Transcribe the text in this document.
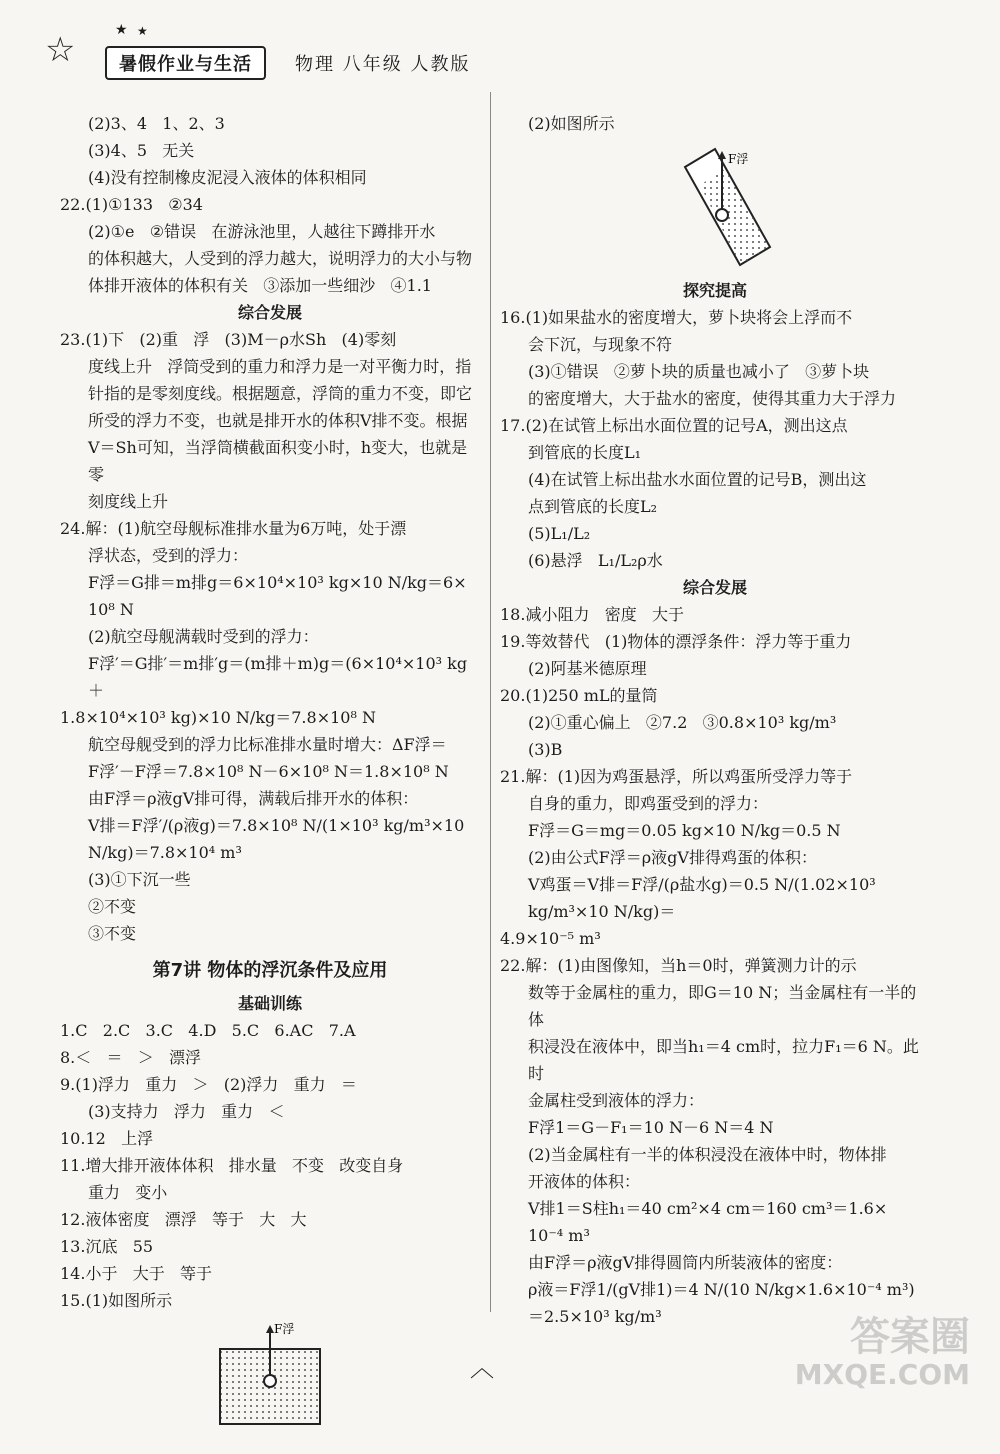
☆	★ ★
暑假作业与生活	物理 八年级 人教版
(2)3、4   1、2、3
(3)4、5   无关
(4)没有控制橡皮泥浸入液体的体积相同
22.(1)①133   ②34
(2)①e   ②错误   在游泳池里，人越往下蹲排开水
的体积越大，人受到的浮力越大，说明浮力的大小与物
体排开液体的体积有关   ③添加一些细沙   ④1.1
综合发展
23.(1)下   (2)重   浮   (3)M－ρ水Sh   (4)零刻
度线上升   浮筒受到的重力和浮力是一对平衡力时，指
针指的是零刻度线。根据题意，浮筒的重力不变，即它
所受的浮力不变，也就是排开水的体积V排不变。根据
V＝Sh可知，当浮筒横截面积变小时，h变大，也就是零
刻度线上升
24.解：(1)航空母舰标准排水量为6万吨，处于漂
浮状态，受到的浮力：
F浮＝G排＝m排g＝6×10⁴×10³ kg×10 N/kg＝6×
10⁸ N
(2)航空母舰满载时受到的浮力：
F浮′＝G排′＝m排′g＝(m排＋m)g＝(6×10⁴×10³ kg＋
1.8×10⁴×10³ kg)×10 N/kg＝7.8×10⁸ N
航空母舰受到的浮力比标准排水量时增大：ΔF浮＝
F浮′－F浮＝7.8×10⁸ N－6×10⁸ N＝1.8×10⁸ N
由F浮＝ρ液gV排可得，满载后排开水的体积：
V排＝F浮′/(ρ液g)＝7.8×10⁸ N/(1×10³ kg/m³×10 N/kg)＝7.8×10⁴ m³
(3)①下沉一些
②不变
③不变
第7讲 物体的浮沉条件及应用
基础训练
1.C   2.C   3.C   4.D   5.C   6.AC   7.A
8.＜   ＝   ＞   漂浮
9.(1)浮力   重力   ＞   (2)浮力   重力   ＝
(3)支持力   浮力   重力   ＜
10.12   上浮
11.增大排开液体体积   排水量   不变   改变自身
重力   变小
12.液体密度   漂浮   等于   大   大
13.沉底   55
14.小于   大于   等于
15.(1)如图所示
F浮
(2)如图所示
F浮
探究提高
16.(1)如果盐水的密度增大，萝卜块将会上浮而不
会下沉，与现象不符
(3)①错误   ②萝卜块的质量也减小了   ③萝卜块
的密度增大，大于盐水的密度，使得其重力大于浮力
17.(2)在试管上标出水面位置的记号A，测出这点
到管底的长度L₁
(4)在试管上标出盐水水面位置的记号B，测出这
点到管底的长度L₂
(5)L₁/L₂
(6)悬浮   L₁/L₂ρ水
综合发展
18.减小阻力   密度   大于
19.等效替代   (1)物体的漂浮条件：浮力等于重力
(2)阿基米德原理
20.(1)250 mL的量筒
(2)①重心偏上   ②7.2   ③0.8×10³ kg/m³
(3)B
21.解：(1)因为鸡蛋悬浮，所以鸡蛋所受浮力等于
自身的重力，即鸡蛋受到的浮力：
F浮＝G＝mg＝0.05 kg×10 N/kg＝0.5 N
(2)由公式F浮＝ρ液gV排得鸡蛋的体积：
V鸡蛋＝V排＝F浮/(ρ盐水g)＝0.5 N/(1.02×10³ kg/m³×10 N/kg)＝
4.9×10⁻⁵ m³
22.解：(1)由图像知，当h＝0时，弹簧测力计的示
数等于金属柱的重力，即G＝10 N；当金属柱有一半的体
积浸没在液体中，即当h₁＝4 cm时，拉力F₁＝6 N。此时
金属柱受到液体的浮力：
F浮1＝G－F₁＝10 N－6 N＝4 N
(2)当金属柱有一半的体积浸没在液体中时，物体排
开液体的体积：
V排1＝S柱h₁＝40 cm²×4 cm＝160 cm³＝1.6×
10⁻⁴ m³
由F浮＝ρ液gV排得圆筒内所装液体的密度：
ρ液＝F浮1/(gV排1)＝4 N/(10 N/kg×1.6×10⁻⁴ m³)＝2.5×10³ kg/m³
︿
答案圈
MXQE.COM
